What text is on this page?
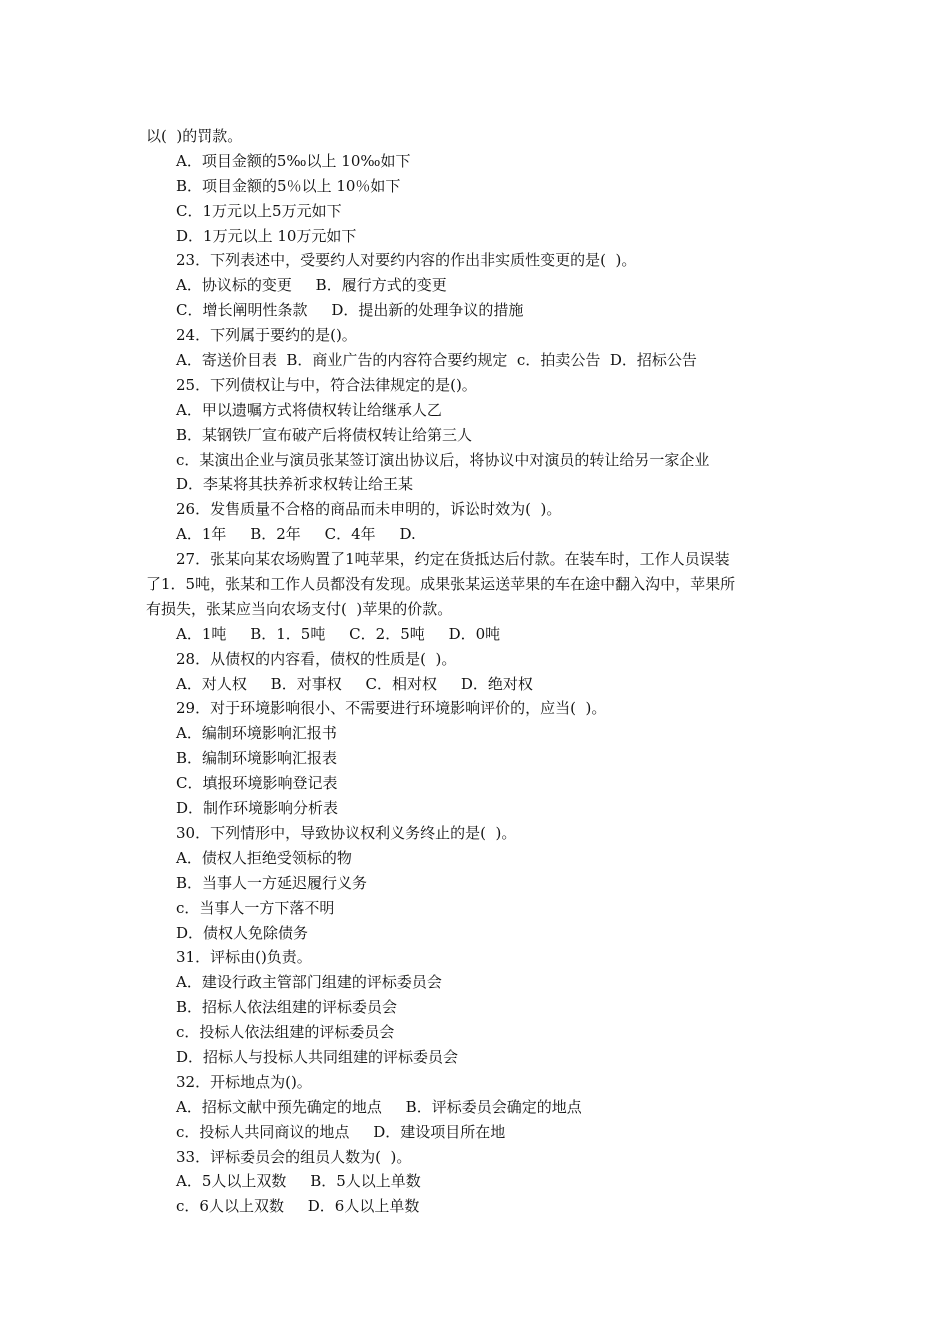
以(  )的罚款。
A．项目金额的5‰以上 10‰如下
B．项目金额的5％以上 10％如下
C．1万元以上5万元如下
D．1万元以上 10万元如下
23．下列表述中，受要约人对要约内容的作出非实质性变更的是(  )。
A．协议标的变更     B．履行方式的变更
C．增长阐明性条款     D．提出新的处理争议的措施
24．下列属于要约的是()。
A．寄送价目表  B．商业广告的内容符合要约规定  c．拍卖公告  D．招标公告
25．下列债权让与中，符合法律规定的是()。
A．甲以遗嘱方式将债权转让给继承人乙
B．某钢铁厂宣布破产后将债权转让给第三人
c．某演出企业与演员张某签订演出协议后，将协议中对演员的转让给另一家企业
D．李某将其扶养祈求权转让给王某
26．发售质量不合格的商品而未申明的，诉讼时效为(  )。
A．1年     B．2年     C．4年     D.
27．张某向某农场购置了1吨苹果，约定在货抵达后付款。在装车时，工作人员误装
了1．5吨，张某和工作人员都没有发现。成果张某运送苹果的车在途中翻入沟中，苹果所
有损失，张某应当向农场支付(  )苹果的价款。
A．1吨     B．1．5吨     C．2．5吨     D．0吨
28．从债权的内容看，债权的性质是(  )。
A．对人权     B．对事权     C．相对权     D．绝对权
29．对于环境影响很小、不需要进行环境影响评价的，应当(  )。
A．编制环境影响汇报书
B．编制环境影响汇报表
C．填报环境影响登记表
D．制作环境影响分析表
30．下列情形中，导致协议权利义务终止的是(  )。
A．债权人拒绝受领标的物
B．当事人一方延迟履行义务
c．当事人一方下落不明
D．债权人免除债务
31．评标由()负责。
A．建设行政主管部门组建的评标委员会
B．招标人依法组建的评标委员会
c．投标人依法组建的评标委员会
D．招标人与投标人共同组建的评标委员会
32．开标地点为()。
A．招标文献中预先确定的地点     B．评标委员会确定的地点
c．投标人共同商议的地点     D．建设项目所在地
33．评标委员会的组员人数为(  )。
A．5人以上双数     B．5人以上单数
c．6人以上双数     D．6人以上单数
